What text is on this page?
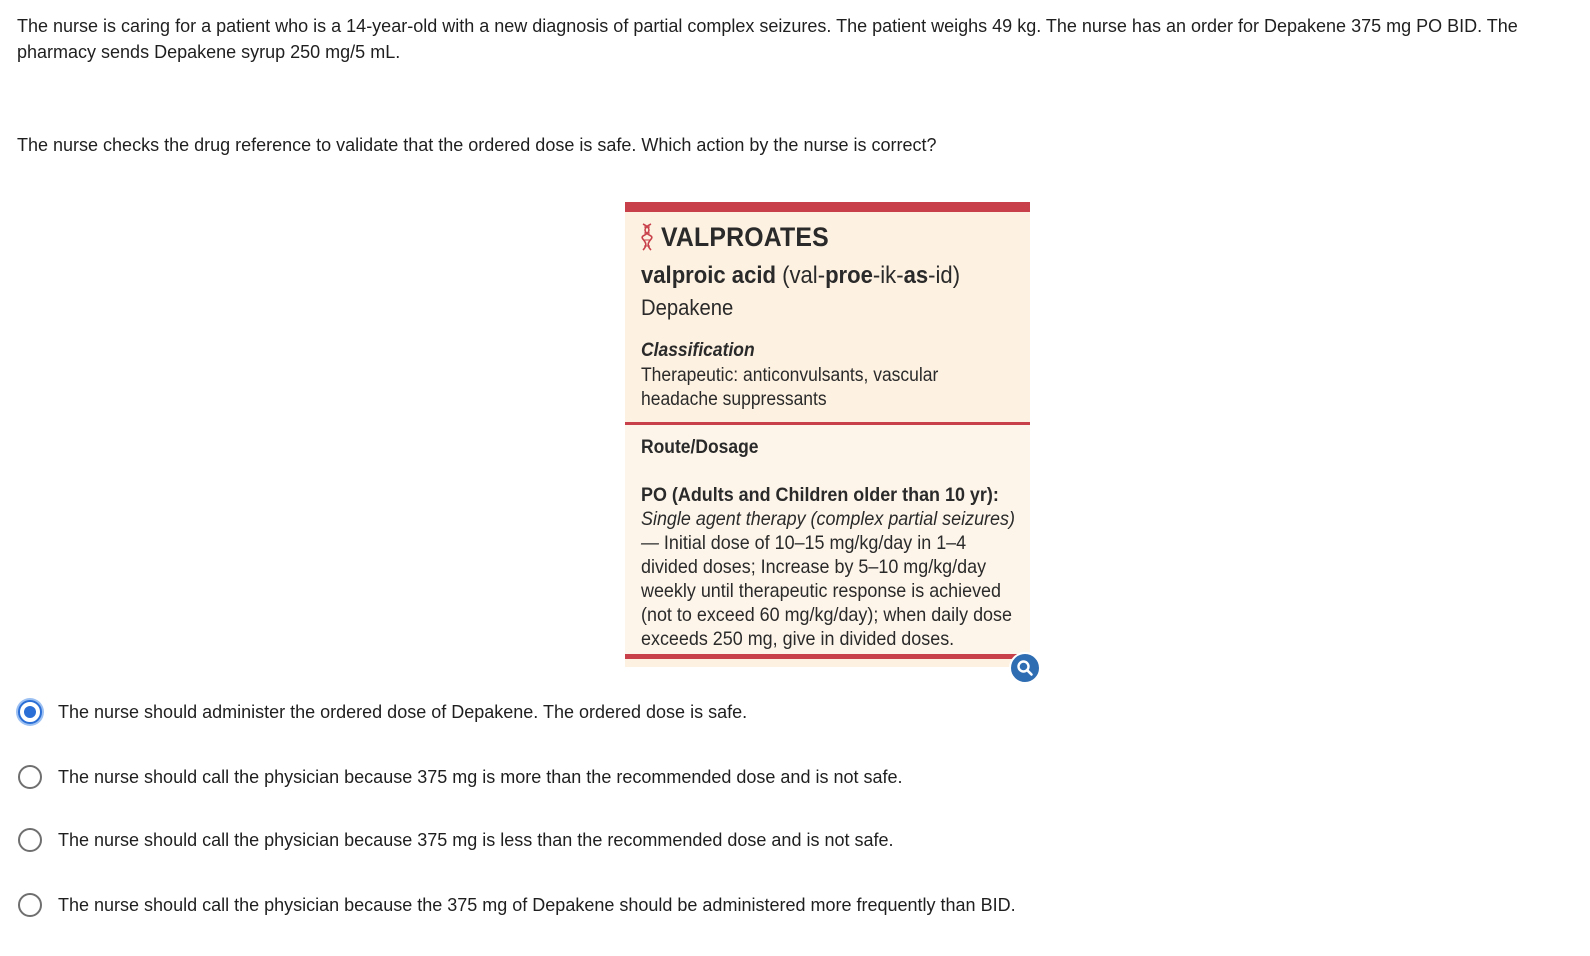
The nurse is caring for a patient who is a 14-year-old with a new diagnosis of partial complex seizures. The patient weighs 49 kg. The nurse has an order for Depakene 375 mg PO BID. The pharmacy sends Depakene syrup 250 mg/5 mL.

The nurse checks the drug reference to validate that the ordered dose is safe. Which action by the nurse is correct?

VALPROATES
valproic acid (val-proe-ik-as-id)
Depakene
Classification
Therapeutic: anticonvulsants, vascular headache suppressants
Route/Dosage
PO (Adults and Children older than 10 yr): Single agent therapy (complex partial seizures)— Initial dose of 10–15 mg/kg/day in 1–4 divided doses; Increase by 5–10 mg/kg/day weekly until therapeutic response is achieved (not to exceed 60 mg/kg/day); when daily dose exceeds 250 mg, give in divided doses.
The nurse should administer the ordered dose of Depakene. The ordered dose is safe.
The nurse should call the physician because 375 mg is more than the recommended dose and is not safe.
The nurse should call the physician because 375 mg is less than the recommended dose and is not safe.
The nurse should call the physician because the 375 mg of Depakene should be administered more frequently than BID.
